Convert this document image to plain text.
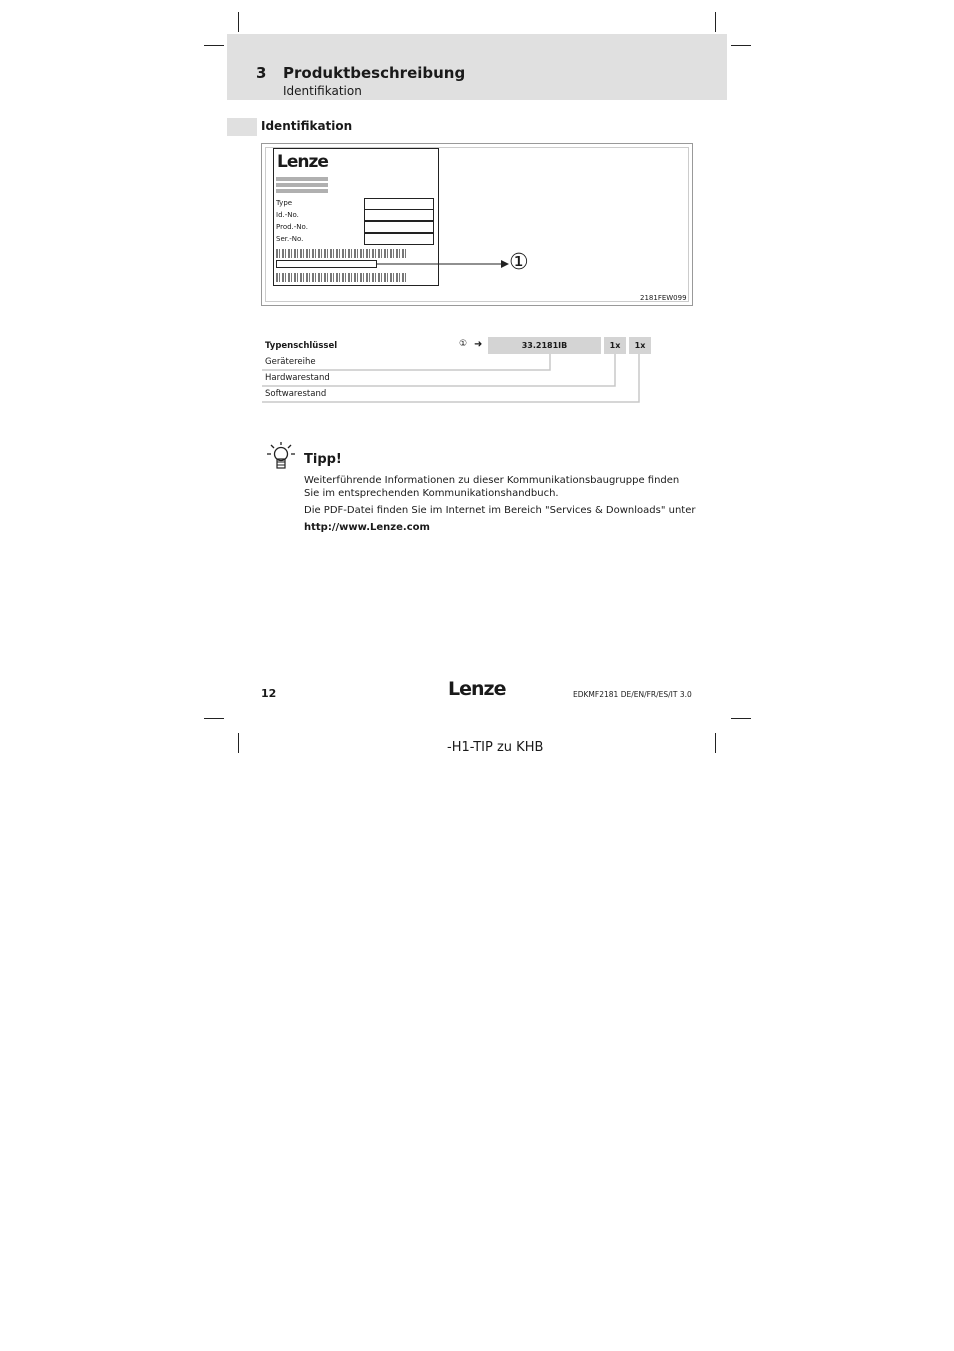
3 Produktbeschreibung
Identifikation
Identifikation
Lenze
Type
Id.-No.
Prod.-No.
Ser.-No.
①
2181FEW099
Typenschlüssel	① ➜	33.2181IB	1x	1x
Gerätereihe
Hardwarestand
Softwarestand
Tipp!
Weiterführende Informationen zu dieser Kommunikationsbaugruppe finden
Sie im entsprechenden Kommunikationshandbuch.
Die PDF-Datei finden Sie im Internet im Bereich "Services & Downloads" unter
http://www.Lenze.com
12	Lenze	EDKMF2181 DE/EN/FR/ES/IT 3.0
-H1-TIP zu KHB
